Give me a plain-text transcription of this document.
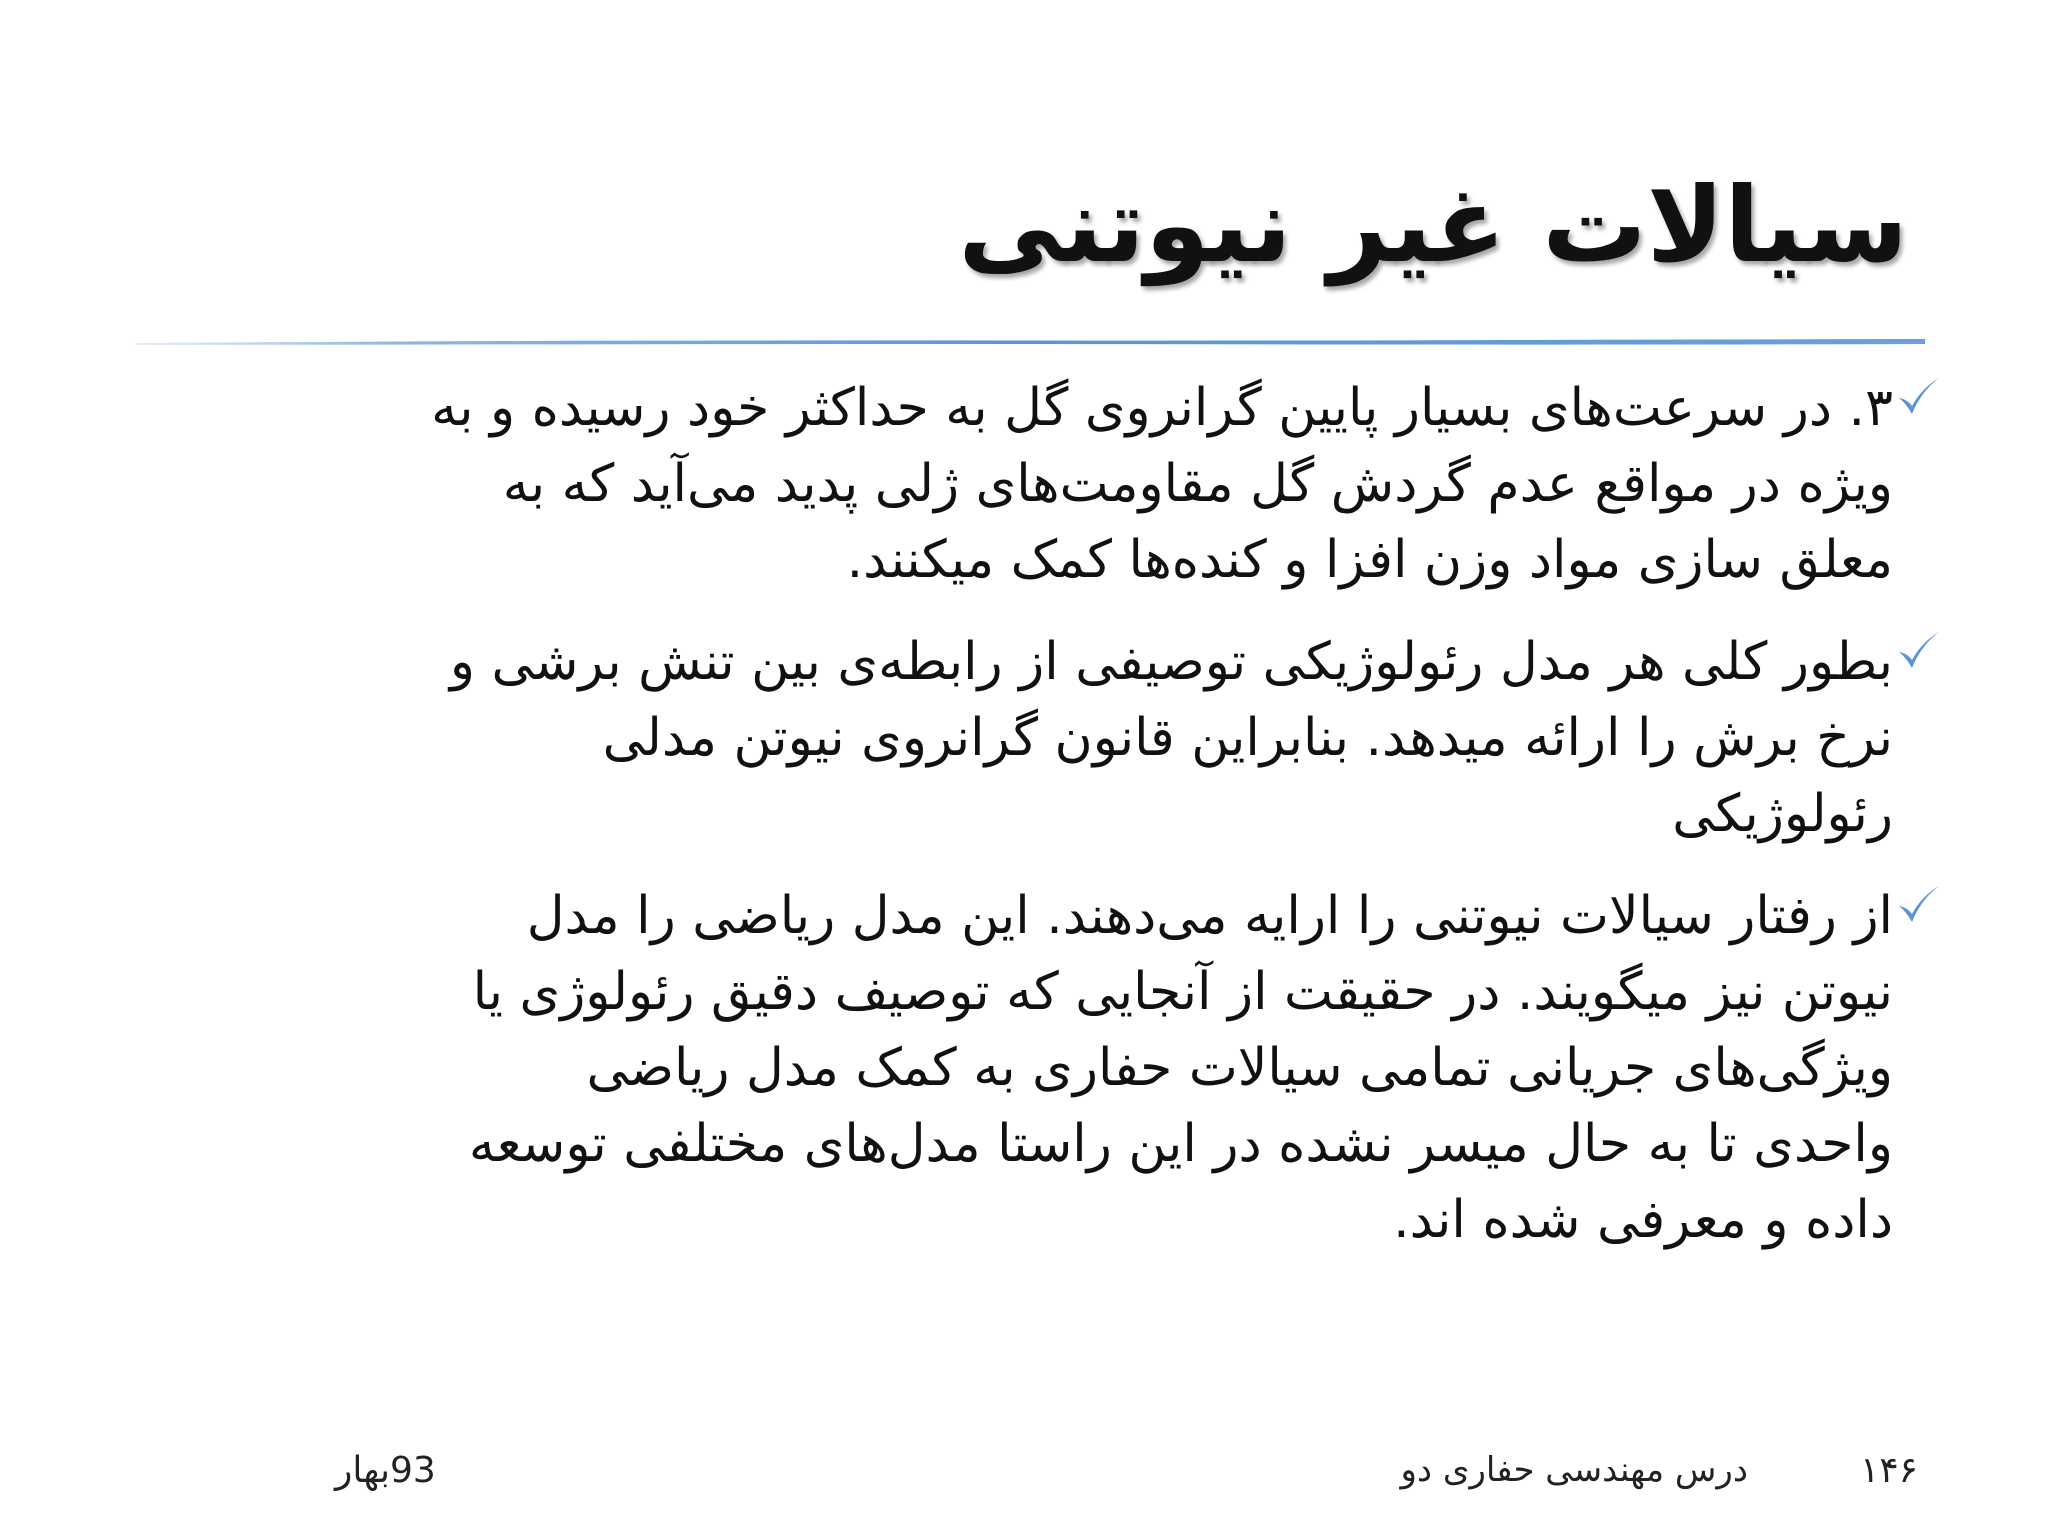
سیالات غیر نیوتنی

۳. در سرعت‌های بسیار پایین گرانروی گل به حداکثر خود رسیده و به
ویژه در مواقع عدم گردش گل مقاومت‌های ژلی پدید می‌آید که به
معلق سازی مواد وزن افزا و کنده‌ها کمک میکنند.

بطور کلی هر مدل رئولوژیکی توصیفی از رابطه‌ی بین تنش برشی و
نرخ برش را ارائه میدهد. بنابراین قانون گرانروی نیوتن مدلی
رئولوژیکی

از رفتار سیالات نیوتنی را ارایه می‌دهند. این مدل ریاضی را مدل
نیوتن نیز میگویند. در حقیقت از آنجایی که توصیف دقیق رئولوژی یا
ویژگی‌های جریانی تمامی سیالات حفاری به کمک مدل ریاضی
واحدی تا به حال میسر نشده در این راستا مدل‌های مختلفی توسعه
داده و معرفی شده اند.

۱۴۶
درس مهندسی حفاری دو
93بهار
